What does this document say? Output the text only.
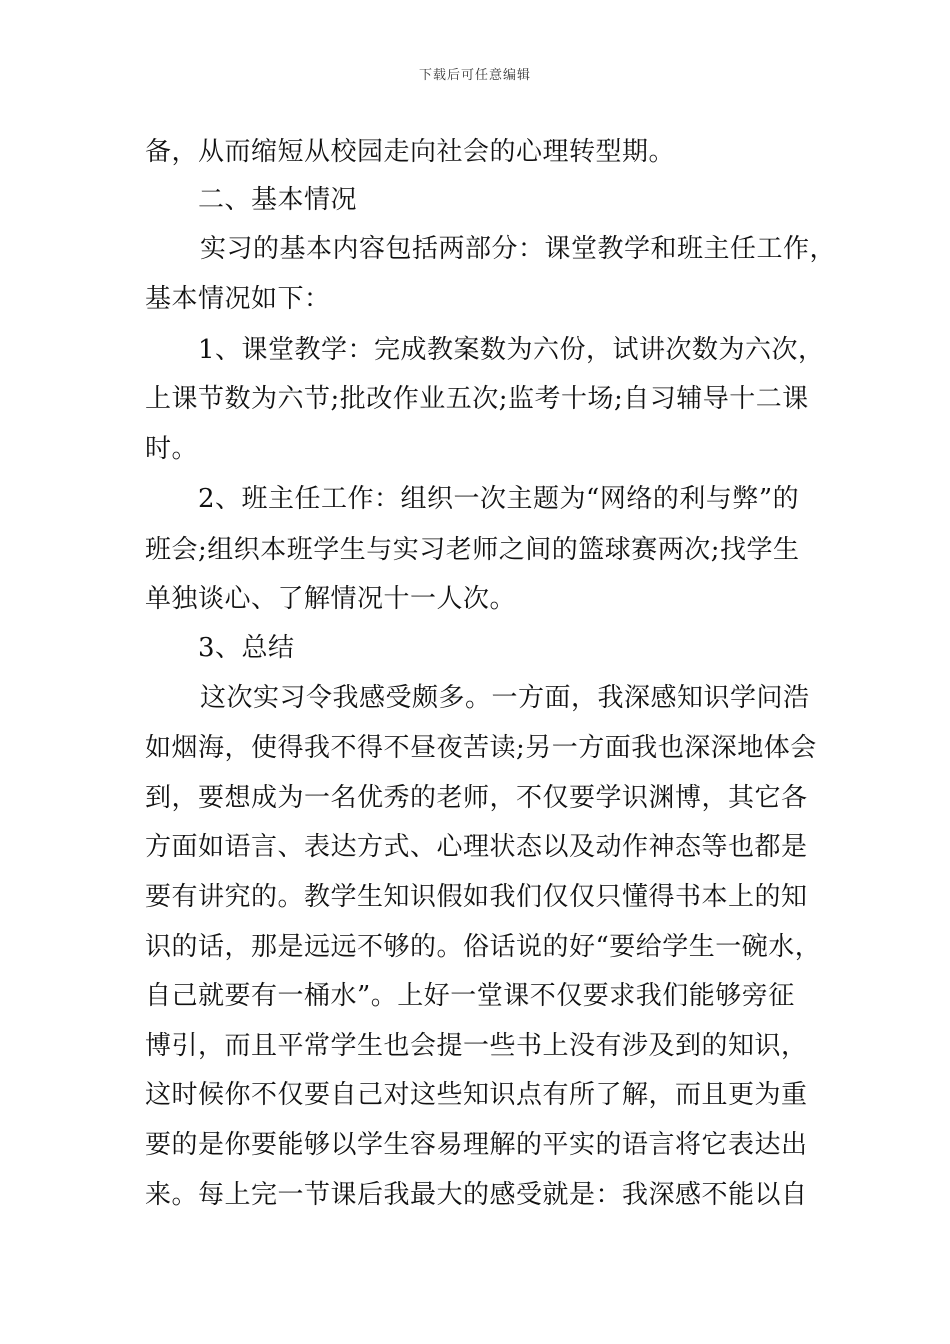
下载后可任意编辑
备，从而缩短从校园走向社会的心理转型期。
二、基本情况
实习的基本内容包括两部分：课堂教学和班主任工作，
基本情况如下：
1、课堂教学：完成教案数为六份，试讲次数为六次，
上课节数为六节;批改作业五次;监考十场;自习辅导十二课
时。
2、班主任工作：组织一次主题为“网络的利与弊”的
班会;组织本班学生与实习老师之间的篮球赛两次;找学生
单独谈心、了解情况十一人次。
3、总结
这次实习令我感受颇多。一方面，我深感知识学问浩
如烟海，使得我不得不昼夜苦读;另一方面我也深深地体会
到，要想成为一名优秀的老师，不仅要学识渊博，其它各
方面如语言、表达方式、心理状态以及动作神态等也都是
要有讲究的。教学生知识假如我们仅仅只懂得书本上的知
识的话，那是远远不够的。俗话说的好“要给学生一碗水，
自己就要有一桶水”。上好一堂课不仅要求我们能够旁征
博引，而且平常学生也会提一些书上没有涉及到的知识，
这时候你不仅要自己对这些知识点有所了解，而且更为重
要的是你要能够以学生容易理解的平实的语言将它表达出
来。每上完一节课后我最大的感受就是：我深感不能以自
